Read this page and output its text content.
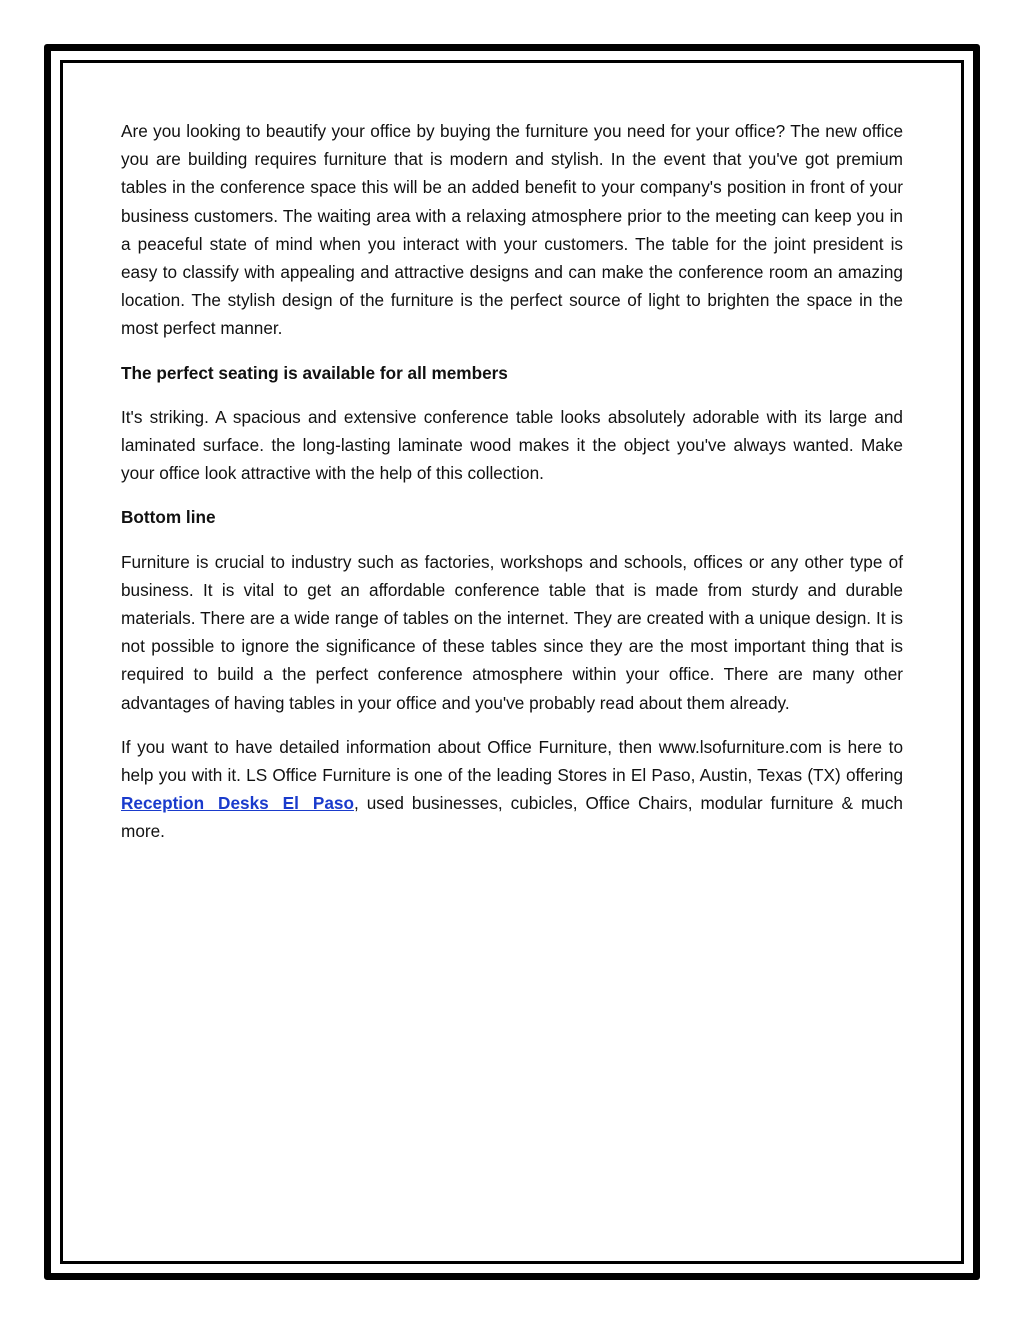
Are you looking to beautify your office by buying the furniture you need for your office? The new office you are building requires furniture that is modern and stylish. In the event that you've got premium tables in the conference space this will be an added benefit to your company's position in front of your business customers. The waiting area with a relaxing atmosphere prior to the meeting can keep you in a peaceful state of mind when you interact with your customers. The table for the joint president is easy to classify with appealing and attractive designs and can make the conference room an amazing location. The stylish design of the furniture is the perfect source of light to brighten the space in the most perfect manner.

The perfect seating is available for all members

It's striking. A spacious and extensive conference table looks absolutely adorable with its large and laminated surface. the long-lasting laminate wood makes it the object you've always wanted. Make your office look attractive with the help of this collection.

Bottom line

Furniture is crucial to industry such as factories, workshops and schools, offices or any other type of business. It is vital to get an affordable conference table that is made from sturdy and durable materials. There are a wide range of tables on the internet. They are created with a unique design. It is not possible to ignore the significance of these tables since they are the most important thing that is required to build a the perfect conference atmosphere within your office. There are many other advantages of having tables in your office and you've probably read about them already.

If you want to have detailed information about Office Furniture, then www.lsofurniture.com is here to help you with it. LS Office Furniture is one of the leading Stores in El Paso, Austin, Texas (TX) offering Reception Desks El Paso, used businesses, cubicles, Office Chairs, modular furniture & much more.
